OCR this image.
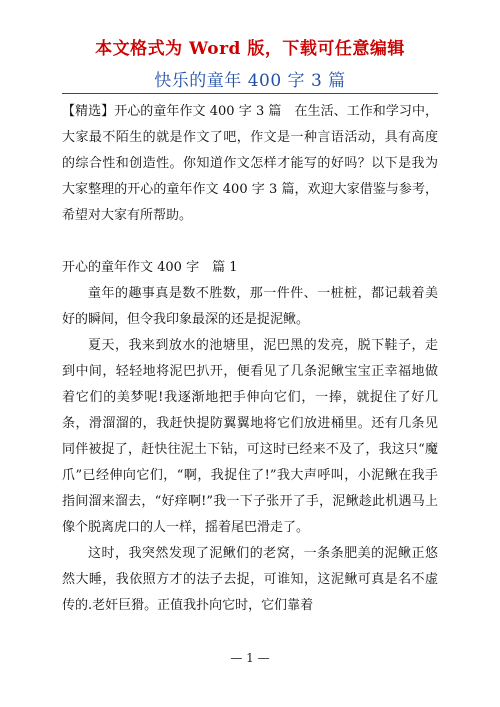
本文格式为 Word 版，下载可任意编辑
快乐的童年 400 字 3 篇

【精选】开心的童年作文 400 字 3 篇　在生活、工作和学习中，大家最不陌生的就是作文了吧，作文是一种言语活动，具有高度的综合性和创造性。你知道作文怎样才能写的好吗？以下是我为大家整理的开心的童年作文 400 字 3 篇，欢迎大家借鉴与参考，希望对大家有所帮助。

开心的童年作文 400 字　篇 1

童年的趣事真是数不胜数，那一件件、一桩桩，都记载着美好的瞬间，但令我印象最深的还是捉泥鳅。

夏天，我来到放水的池塘里，泥巴黑的发亮，脱下鞋子，走到中间，轻轻地将泥巴扒开，便看见了几条泥鳅宝宝正幸福地做着它们的美梦呢!我逐渐地把手伸向它们，一捧，就捉住了好几条，滑溜溜的，我赶快提防翼翼地将它们放进桶里。还有几条见同伴被捉了，赶快往泥土下钻，可这时已经来不及了，我这只“魔爪”已经伸向它们，“啊，我捉住了!”我大声呼叫，小泥鳅在我手指间溜来溜去，“好痒啊!”我一下子张开了手，泥鳅趁此机遇马上像个脱离虎口的人一样，摇着尾巴滑走了。

这时，我突然发现了泥鳅们的老窝，一条条肥美的泥鳅正悠然大睡，我依照方才的法子去捉，可谁知，这泥鳅可真是名不虚传的.老奸巨猾。正值我扑向它时，它们靠着

— 1 —
